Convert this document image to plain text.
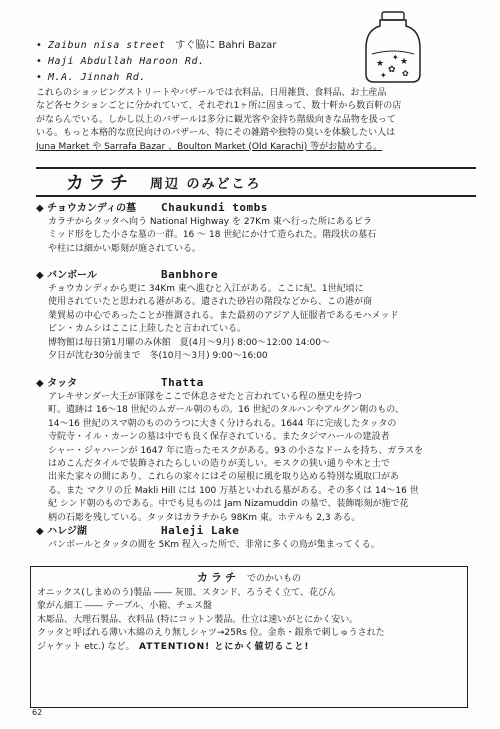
• Zaibun nisa street すぐ脇に Bahri Bazar
• Haji Abdullah Haroon Rd.
• M.A. Jinnah Rd.
★
✿
★
✦ ✿
✦

これらのショッピングストリートやバザールでは衣料品、日用雑貨、食料品、お土産品

など各セクションごとに分かれていて、それぞれ1ヶ所に固まって、数十軒から数百軒の店

がならんでいる。しかし以上のバザールは多分に観光客や金持ち階級向きな品物を扱って

いる。もっと本格的な庶民向けのバザール、特にその雑踏や独特の臭いを体験したい人は

Juna Market や Sarrafa Bazar 、Boulton Market (Old Karachi) 等がお勧めする。

カラチ 周辺 のみどころ
◆ チョウカンディの墓	Chaukundi tombs

カラチからタッタへ向う National Highway を 27Km 東へ行った所にあるピラ

ミッド形をした小さな墓の一群。16 ～ 18 世紀にかけて造られた。階段状の墓石

や柱には細かい彫刻が施されている。

◆ バンボール	Banbhore

チョウカンディから更に 34Km 東へ進むと入江がある。ここに紀、1世紀頃に

使用されていたと思われる港がある。遺された砂岩の階段などから、この港が商

業貿易の中心であったことが推測される。また最初のアジア人征服者であるモハメッド

ビン・カムシはここに上陸したと言われている。

博物館は毎日第1月曜のみ休館　夏(4月～9月) 8:00～12:00 14:00～

夕日が沈む30分前まで　冬(10月～3月) 9:00～16:00

◆ タッタ	Thatta

アレキサンダー大王が軍隊をここで休息させたと言われている程の歴史を持つ

町。遺跡は 16～18 世紀のムガール朝のもの。16 世紀のタルハンやアルグン朝のもの、

14～16 世紀のスマ朝のもののうつに大きく分けられる。1644 年に完成したタッタの

寺院寺・イル・カーンの墓は中でも良く保存されている。またタジマハールの建設者

シャー・ジャハーンが 1647 年に造ったモスクがある。93 の小さなドームを持ち、ガラスを

はめこんだタイルで装飾されたらしいの造りが美しい。モスクの狭い通りや木と土で

出来た家々の間にあり、これらの家々にはその屋根に風を取り込める特別な風取口があ

る。また マクリの丘 Makli Hill には 100 万基といわれる墓がある。その多くは 14～16 世

紀 シンド朝のものである。中でも見ものは Jam Nizamuddin の墓で、装飾彫刻が施で花

柄の石彫を残している。タッタはカラチから 98Km 東。ホテルも 2,3 ある。

◆ ハレジ湖	Haleji Lake

バンボールとタッタの間を 5Km 程入った所で、非常に多くの鳥が集まってくる。

カラチ でのかいもの

オニックス(しまめのう)製品 ―― 灰皿、スタンド、ろうそく立て、花びん

象がん細工 ―― テーブル、小箱、チェス盤

木彫品、大理石製品、衣料品 (特にコットン製品。仕立は速いがとにかく安い。

クッタと呼ばれる薄い木綿のえり無しシャツ→25Rs 位。金糸・銀糸で刺しゅうされた

ジャケット etc.) など。　 ATTENTION! とにかく値切ること!

62
